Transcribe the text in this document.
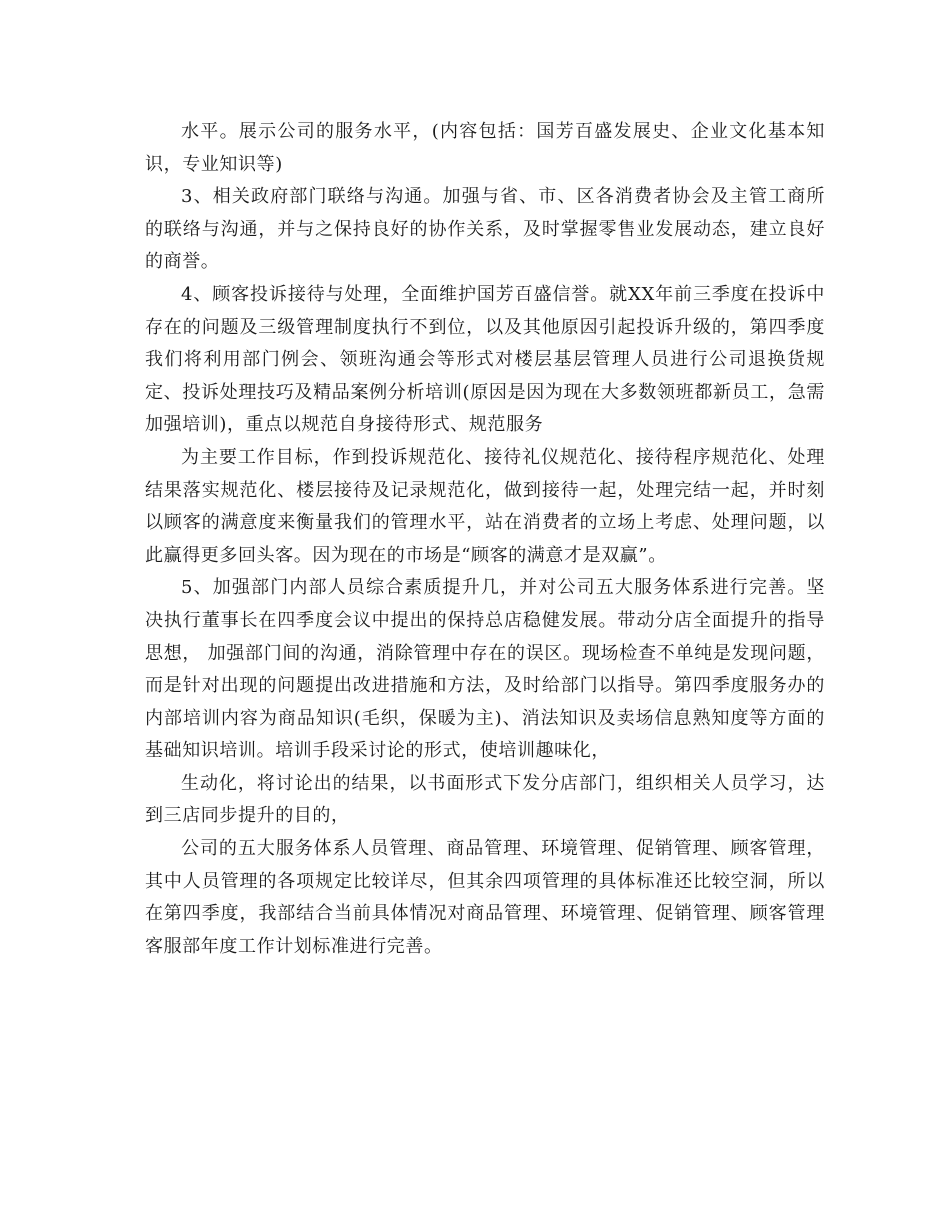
水平。展示公司的服务水平，(内容包括：国芳百盛发展史、企业文化基本知识，专业知识等)

3、相关政府部门联络与沟通。加强与省、市、区各消费者协会及主管工商所的联络与沟通，并与之保持良好的协作关系，及时掌握零售业发展动态，建立良好的商誉。

4、顾客投诉接待与处理，全面维护国芳百盛信誉。就XX年前三季度在投诉中存在的问题及三级管理制度执行不到位，以及其他原因引起投诉升级的，第四季度我们将利用部门例会、领班沟通会等形式对楼层基层管理人员进行公司退换货规定、投诉处理技巧及精品案例分析培训(原因是因为现在大多数领班都新员工，急需加强培训)，重点以规范自身接待形式、规范服务

为主要工作目标，作到投诉规范化、接待礼仪规范化、接待程序规范化、处理结果落实规范化、楼层接待及记录规范化，做到接待一起，处理完结一起，并时刻以顾客的满意度来衡量我们的管理水平，站在消费者的立场上考虑、处理问题，以此赢得更多回头客。因为现在的市场是“顾客的满意才是双赢”。

5、加强部门内部人员综合素质提升几，并对公司五大服务体系进行完善。坚决执行董事长在四季度会议中提出的保持总店稳健发展。带动分店全面提升的指导思想， 加强部门间的沟通，消除管理中存在的误区。现场检查不单纯是发现问题，而是针对出现的问题提出改进措施和方法，及时给部门以指导。第四季度服务办的内部培训内容为商品知识(毛织，保暖为主)、消法知识及卖场信息熟知度等方面的基础知识培训。培训手段采讨论的形式，使培训趣味化，

生动化，将讨论出的结果，以书面形式下发分店部门，组织相关人员学习，达到三店同步提升的目的，

公司的五大服务体系人员管理、商品管理、环境管理、促销管理、顾客管理，其中人员管理的各项规定比较详尽，但其余四项管理的具体标准还比较空洞，所以在第四季度，我部结合当前具体情况对商品管理、环境管理、促销管理、顾客管理客服部年度工作计划标准进行完善。
